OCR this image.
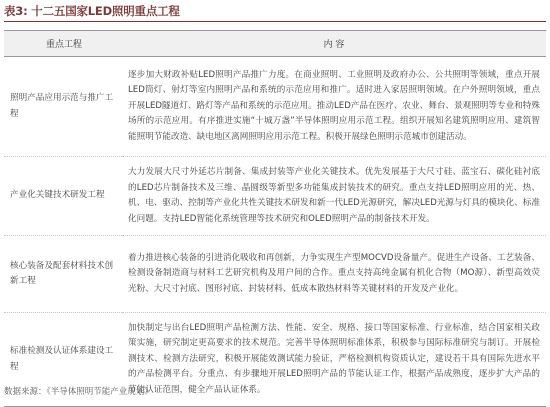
表3: 十二五国家LED照明重点工程
重点工程	内 容
照明产品应用示范与推广工程	逐步加大财政补贴LED照明产品推广力度。在商业照明、工业照明及政府办公、公共照明等领域，重点开展LED筒灯、射灯等室内照明产品和系统的示范应用和推广。适时进入家居照明领域。在户外照明领域，重点开展LED隧道灯、路灯等产品和系统的示范应用。推动LED产品在医疗、农业、舞台、景观照明等专业和特殊场所的示范应用。有序推进实施“十城万盏”半导体照明应用示范工程。组织开展知名建筑照明应用、建筑智能照明节能改造、缺电地区离网照明应用示范工程。积极开展绿色照明示范城市创建活动。
产业化关键技术研发工程	大力发展大尺寸外延芯片制备、集成封装等产业化关键技术。优先发展基于大尺寸硅、蓝宝石、碳化硅衬底的LED芯片制备技术及三维、晶圆级等新型多功能集成封装技术的研究。重点支持LED照明应用的光、热、机、电、驱动、控制等产业化共性关键技术研发和新一代LED光源研究，解决LED光源与灯具的模块化、标准化问题。支持LED智能化系统管理等技术研究和OLED照明产品的制备技术开发。
核心装备及配套材料技术创新工程	着力推进核心装备的引进消化吸收和再创新，力争实现生产型MOCVD设备量产。促进生产设备、工艺装备、检测设备制造商与材料工艺研究机构及用户间的合作。重点支持高纯金属有机化合物（MO源）、新型高效荧光粉、大尺寸衬底、图形衬底、封装材料、低成本散热材料等关键材料的开发及产业化。
标准检测及认证体系建设工程	加快制定与出台LED照明产品检测方法、性能、安全、规格、接口等国家标准、行业标准，结合国家相关政策实施，研究制定更高要求的技术规范。完善半导体照明标准体系，积极参与国际标准研究与制订。开展检测技术、检测方法研究，积极开展能效测试能力验证，严格检测机构资质认定，建设若干具有国际先进水平的产品检测平台。分重点、有步骤地开展LED照明产品的节能认证工作，根据产品成熟度，逐步扩大产品的节能认证范围，健全产品认证体系。
数据来源：《半导体照明节能产业规划》
